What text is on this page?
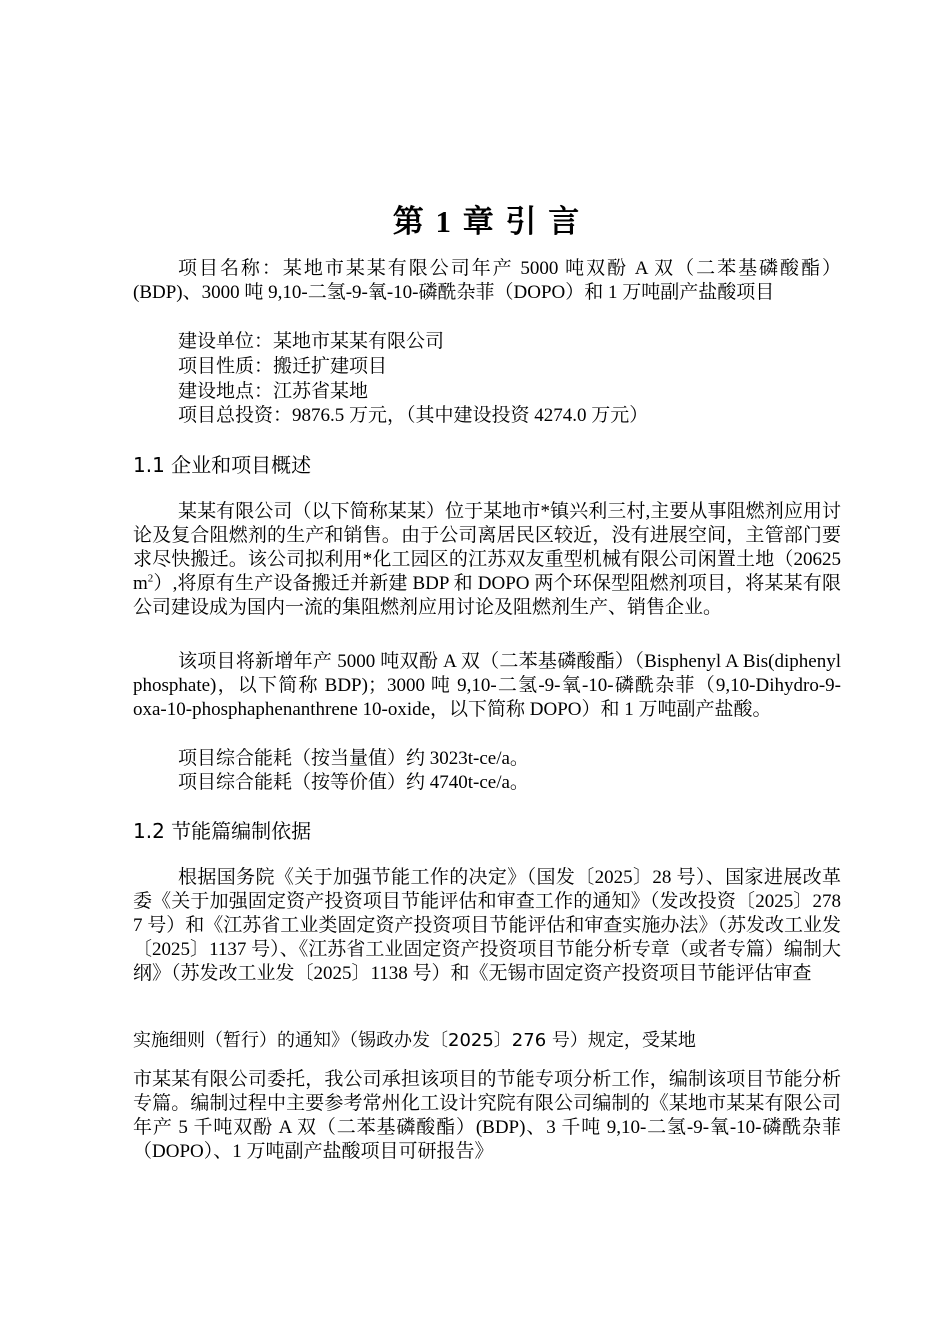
第 1 章 引 言

项目名称：某地市某某有限公司年产 5000 吨双酚 A 双（二苯基磷酸酯）(BDP)、3000 吨 9,10-二氢-9-氧-10-磷酰杂菲（DOPO）和 1 万吨副产盐酸项目

建设单位：某地市某某有限公司

项目性质：搬迁扩建项目

建设地点：江苏省某地

项目总投资：9876.5 万元，（其中建设投资 4274.0 万元）

1.1 企业和项目概述

某某有限公司（以下简称某某）位于某地市*镇兴利三村,主要从事阻燃剂应用讨论及复合阻燃剂的生产和销售。由于公司离居民区较近，没有进展空间，主管部门要求尽快搬迁。该公司拟利用*化工园区的江苏双友重型机械有限公司闲置土地$(20625m^2)$,将原有生产设备搬迁并新建 BDP 和 DOPO 两个环保型阻燃剂项目，将某某有限公司建设成为国内一流的集阻燃剂应用讨论及阻燃剂生产、销售企业。

该项目将新增年产 5000 吨双酚 A 双（二苯基磷酸酯）（Bisphenyl A Bis(diphenyl phosphate)，以下简称 BDP)；3000 吨 9,10-二氢-9-氧-10-磷酰杂菲（9,10-Dihydro-9-oxa-10-phosphaphenanthrene 10-oxide，以下简称 DOPO）和 1 万吨副产盐酸。

项目综合能耗（按当量值）约 3023t-ce/a。

项目综合能耗（按等价值）约 4740t-ce/a。

1.2 节能篇编制依据

根据国务院《关于加强节能工作的决定》（国发〔2025〕28 号）、国家进展改革委《关于加强固定资产投资项目节能评估和审查工作的通知》（发改投资〔2025〕2787 号）和《江苏省工业类固定资产投资项目节能评估和审查实施办法》（苏发改工业发〔2025〕1137 号）、《江苏省工业固定资产投资项目节能分析专章（或者专篇）编制大纲》（苏发改工业发〔2025〕1138 号）和《无锡市固定资产投资项目节能评估审查

实施细则（暂行）的通知》（锡政办发〔2025〕276 号）规定，受某地

市某某有限公司委托，我公司承担该项目的节能专项分析工作，编制该项目节能分析专篇。编制过程中主要参考常州化工设计究院有限公司编制的《某地市某某有限公司年产 5 千吨双酚 A 双（二苯基磷酸酯）(BDP)、3 千吨 9,10-二氢-9-氧-10-磷酰杂菲（DOPO）、1 万吨副产盐酸项目可研报告》
